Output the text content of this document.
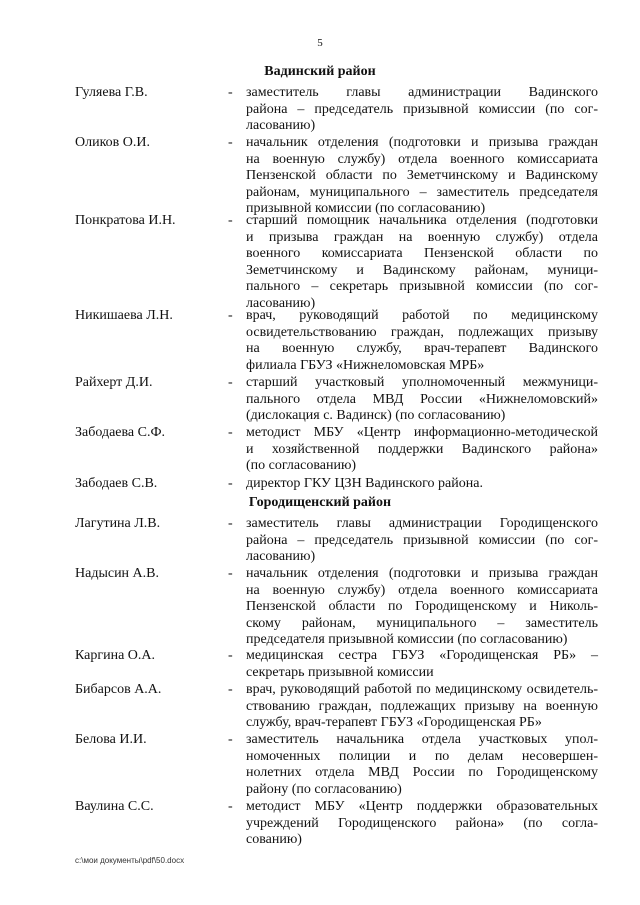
5
Вадинский район
Гуляева Г.В.	- заместитель главы администрации Вадинского
района – председатель призывной комиссии (по сог-
ласованию)
Оликов О.И.	- начальник отделения (подготовки и призыва граждан
на военную службу) отдела военного комиссариата
Пензенской области по Земетчинскому и Вадинскому
районам, муниципального – заместитель председателя
призывной комиссии (по согласованию)
Понкратова И.Н.	- старший помощник начальника отделения (подготовки
и призыва граждан на военную службу) отдела
военного комиссариата Пензенской области по
Земетчинскому и Вадинскому районам, муници-
пального – секретарь призывной комиссии (по сог-
ласованию)
Никишаева Л.Н.	- врач, руководящий работой по медицинскому
освидетельствованию граждан, подлежащих призыву
на военную службу, врач-терапевт Вадинского
филиала ГБУЗ «Нижнеломовская МРБ»
Райхерт Д.И.	- старший участковый уполномоченный межмуници-
пального отдела МВД России «Нижнеломовский»
(дислокация с. Вадинск) (по согласованию)
Забодаева С.Ф.	- методист МБУ «Центр информационно-методической
и хозяйственной поддержки Вадинского района»
(по согласованию)
Забодаев С.В.	- директор ГКУ ЦЗН Вадинского района.
Городищенский район
Лагутина Л.В.	- заместитель главы администрации Городищенского
района – председатель призывной комиссии (по сог-
ласованию)
Надысин А.В.	- начальник отделения (подготовки и призыва граждан
на военную службу) отдела военного комиссариата
Пензенской области по Городищенскому и Николь-
скому районам, муниципального – заместитель
председателя призывной комиссии (по согласованию)
Каргина О.А.	- медицинская сестра ГБУЗ «Городищенская РБ» –
секретарь призывной комиссии
Бибарсов А.А.	- врач, руководящий работой по медицинскому освидетель-
ствованию граждан, подлежащих призыву на военную
службу, врач-терапевт ГБУЗ «Городищенская РБ»
Белова И.И.	- заместитель начальника отдела участковых упол-
номоченных полиции и по делам несовершен-
нолетних отдела МВД России по Городищенскому
району (по согласованию)
Ваулина С.С.	- методист МБУ «Центр поддержки образовательных
учреждений Городищенского района» (по согла-
сованию)
c:\мои документы\pdf\50.docx
